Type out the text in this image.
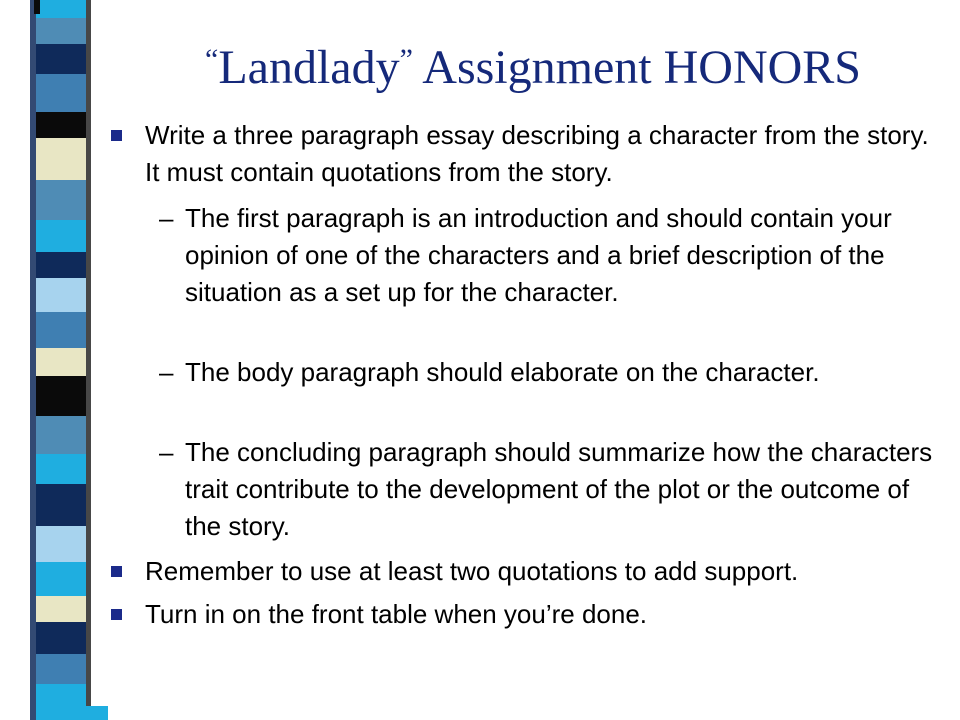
“Landlady” Assignment HONORS
Write a three paragraph essay describing a character from the story. It must contain quotations from the story.
– The first paragraph is an introduction and should contain your opinion of one of the characters and a brief description of the situation as a set up for the character.
– The body paragraph should elaborate on the character.
– The concluding paragraph should summarize how the characters trait contribute to the development of the plot or the outcome of the story.
Remember to use at least two quotations to add support.
Turn in on the front table when you’re done.
